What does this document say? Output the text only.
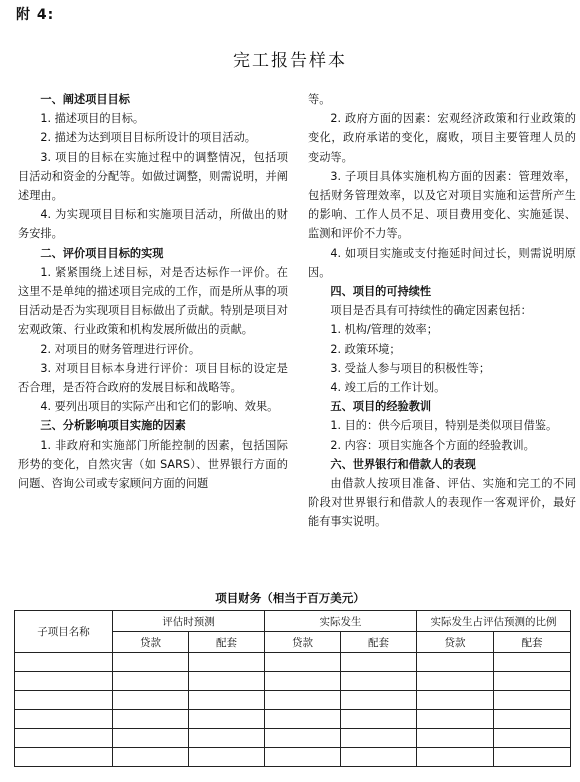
附 4:
完工报告样本
一、阐述项目目标

1. 描述项目的目标。

2. 描述为达到项目目标所设计的项目活动。

3. 项目的目标在实施过程中的调整情况，包括项目活动和资金的分配等。如做过调整，则需说明，并阐述理由。

4. 为实现项目目标和实施项目活动，所做出的财务安排。

二、评价项目目标的实现

1. 紧紧围绕上述目标，对是否达标作一评价。在这里不是单纯的描述项目完成的工作，而是所从事的项目活动是否为实现项目目标做出了贡献。特别是项目对宏观政策、行业政策和机构发展所做出的贡献。

2. 对项目的财务管理进行评价。

3. 对项目目标本身进行评价：项目目标的设定是否合理，是否符合政府的发展目标和战略等。

4. 要列出项目的实际产出和它们的影响、效果。

三、分析影响项目实施的因素

1. 非政府和实施部门所能控制的因素，包括国际形势的变化，自然灾害（如 SARS）、世界银行方面的问题、咨询公司或专家顾问方面的问题

等。

2. 政府方面的因素：宏观经济政策和行业政策的变化，政府承诺的变化，腐败，项目主要管理人员的变动等。

3. 子项目具体实施机构方面的因素：管理效率，包括财务管理效率，以及它对项目实施和运营所产生的影响、工作人员不足、项目费用变化、实施延误、监测和评价不力等。

4. 如项目实施或支付拖延时间过长，则需说明原因。

四、项目的可持续性

项目是否具有可持续性的确定因素包括：

1. 机构/管理的效率；

2. 政策环境；

3. 受益人参与项目的积极性等；

4. 竣工后的工作计划。

五、项目的经验教训

1. 目的：供今后项目，特别是类似项目借鉴。

2. 内容：项目实施各个方面的经验教训。

六、世界银行和借款人的表现

由借款人按项目准备、评估、实施和完工的不同阶段对世界银行和借款人的表现作一客观评价，最好能有事实说明。

项目财务（相当于百万美元）
子项目名称	评估时预测		实际发生		实际发生占评估预测的比例	
	贷款	配套	贷款	配套	贷款	配套
